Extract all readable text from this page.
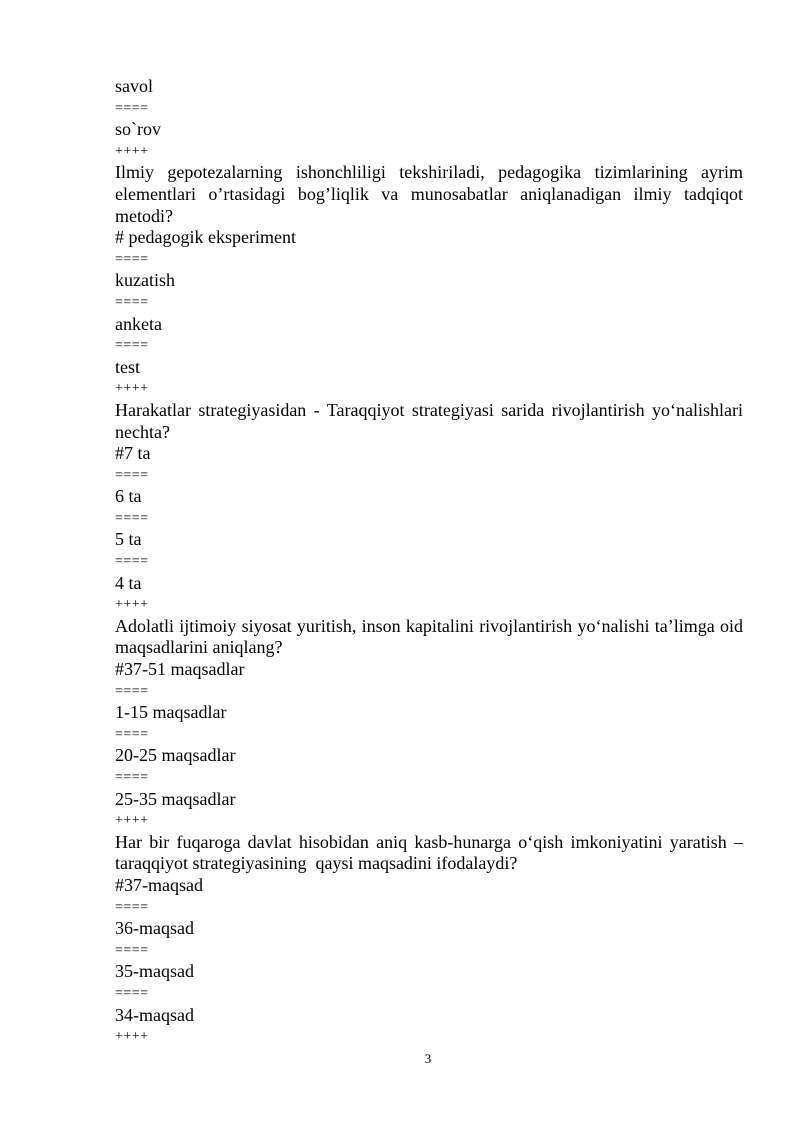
savol
====
so`rov
++++
Ilmiy gepotezalarning ishonchliligi tekshiriladi, pedagogika tizimlarining ayrim elementlari o’rtasidagi bog’liqlik va munosabatlar aniqlanadigan ilmiy tadqiqot metodi?
# pedagogik eksperiment
====
kuzatish
====
anketa
====
test
++++
Harakatlar strategiyasidan - Taraqqiyot strategiyasi sarida rivojlantirish yo‘nalishlari nechta?
#7 ta
====
6 ta
====
5 ta
====
4 ta
++++
Adolatli ijtimoiy siyosat yuritish, inson kapitalini rivojlantirish yo‘nalishi ta’limga oid maqsadlarini aniqlang?
#37-51 maqsadlar
====
1-15 maqsadlar
====
20-25 maqsadlar
====
25-35 maqsadlar
++++
Har bir fuqaroga davlat hisobidan aniq kasb-hunarga o‘qish imkoniyatini yaratish – taraqqiyot strategiyasining  qaysi maqsadini ifodalaydi?
#37-maqsad
====
36-maqsad
====
35-maqsad
====
34-maqsad
++++
3
